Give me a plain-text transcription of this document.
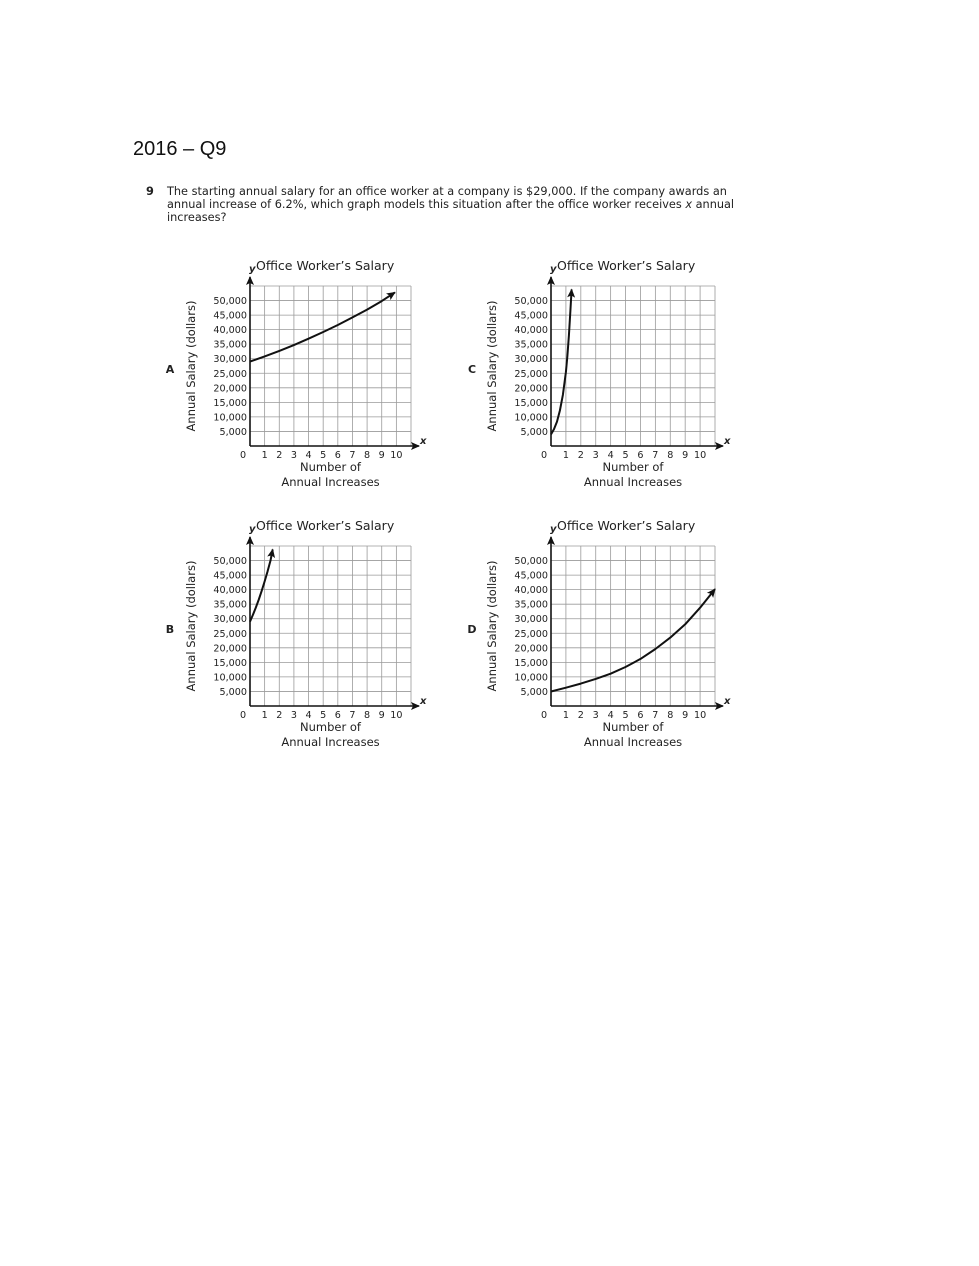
2016 – Q9
9 The starting annual salary for an office worker at a company is $29,000. If the company awards an annual increase of 6.2%, which graph models this situation after the office worker receives x annual increases?
x
y Office Worker’s Salary
A
5,000
10,000
15,000
20,000
25,000
30,000
35,000
40,000
45,000
50,000
0 1 2 3 4 5 6 7 8 9 10
Number of
Annual Increases
Annual Salary (dollars)
x
y Office Worker’s Salary
B
5,000
10,000
15,000
20,000
25,000
30,000
35,000
40,000
45,000
50,000
0 1 2 3 4 5 6 7 8 9 10
Number of
Annual Increases
Annual Salary (dollars)
x
y Office Worker’s Salary
C
5,000
10,000
15,000
20,000
25,000
30,000
35,000
40,000
45,000
50,000
0 1 2 3 4 5 6 7 8 9 10
Number of
Annual Increases
Annual Salary (dollars)
x
y Office Worker’s Salary
D
5,000
10,000
15,000
20,000
25,000
30,000
35,000
40,000
45,000
50,000
0 1 2 3 4 5 6 7 8 9 10
Number of
Annual Increases
Annual Salary (dollars)
